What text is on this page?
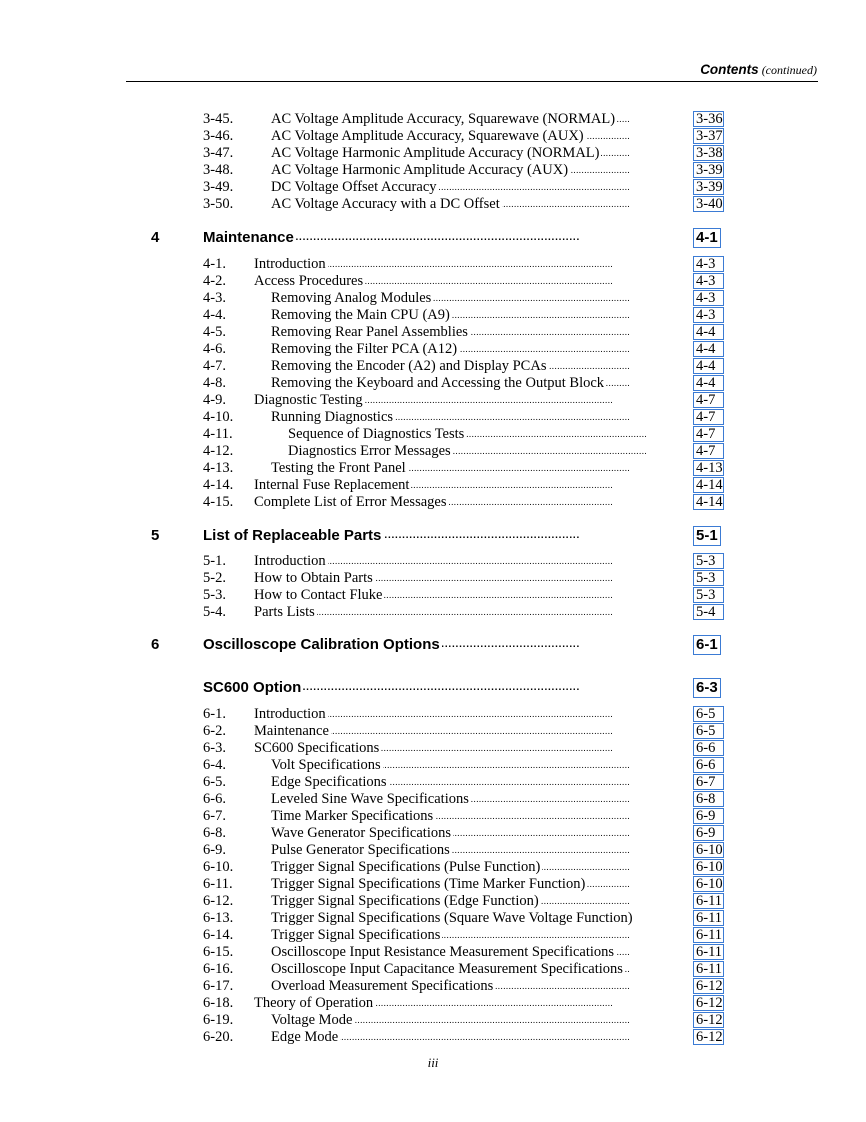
Contents (continued)
3-45.	AC Voltage Amplitude Accuracy, Squarewave (NORMAL) . . .	3-36
3-46.	AC Voltage Amplitude Accuracy, Squarewave (AUX) . . .	3-37
3-47.	AC Voltage Harmonic Amplitude Accuracy (NORMAL) . . .	3-38
3-48.	AC Voltage Harmonic Amplitude Accuracy (AUX) . . .	3-39
3-49.	DC Voltage Offset Accuracy . . .	3-39
3-50.	AC Voltage Accuracy with a DC Offset . . .	3-40
4	Maintenance . . .	4-1
4-1. Introduction . . .	4-3
4-2. Access Procedures . . .	4-3
4-3.	Removing Analog Modules . . .	4-3
4-4.	Removing the Main CPU (A9) . . .	4-3
4-5.	Removing Rear Panel Assemblies . . .	4-4
4-6.	Removing the Filter PCA (A12) . . .	4-4
4-7.	Removing the Encoder (A2) and Display PCAs . . .	4-4
4-8.	Removing the Keyboard and Accessing the Output Block . . .	4-4
4-9. Diagnostic Testing . . .	4-7
4-10.	Running Diagnostics . . .	4-7
4-11.	Sequence of Diagnostics Tests . . .	4-7
4-12.	Diagnostics Error Messages . . .	4-7
4-13.	Testing the Front Panel . . .	4-13
4-14. Internal Fuse Replacement . . .	4-14
4-15. Complete List of Error Messages . . .	4-14
5	List of Replaceable Parts . . .	5-1
5-1. Introduction . . .	5-3
5-2. How to Obtain Parts . . .	5-3
5-3. How to Contact Fluke . . .	5-3
5-4. Parts Lists . . .	5-4
6	Oscilloscope Calibration Options . . .	6-1
SC600 Option . . .	6-3
6-1. Introduction . . .	6-5
6-2. Maintenance . . .	6-5
6-3. SC600 Specifications . . .	6-6
6-4.	Volt Specifications . . .	6-6
6-5.	Edge Specifications . . .	6-7
6-6.	Leveled Sine Wave Specifications . . .	6-8
6-7.	Time Marker Specifications . . .	6-9
6-8.	Wave Generator Specifications . . .	6-9
6-9.	Pulse Generator Specifications . . .	6-10
6-10.	Trigger Signal Specifications (Pulse Function) . . .	6-10
6-11.	Trigger Signal Specifications (Time Marker Function) . . .	6-10
6-12.	Trigger Signal Specifications (Edge Function) . . .	6-11
6-13.	Trigger Signal Specifications (Square Wave Voltage Function) . . .	6-11
6-14.	Trigger Signal Specifications . . .	6-11
6-15.	Oscilloscope Input Resistance Measurement Specifications . . .	6-11
6-16.	Oscilloscope Input Capacitance Measurement Specifications . . .	6-11
6-17.	Overload Measurement Specifications . . .	6-12
6-18. Theory of Operation . . .	6-12
6-19.	Voltage Mode . . .	6-12
6-20.	Edge Mode . . .	6-12
iii
